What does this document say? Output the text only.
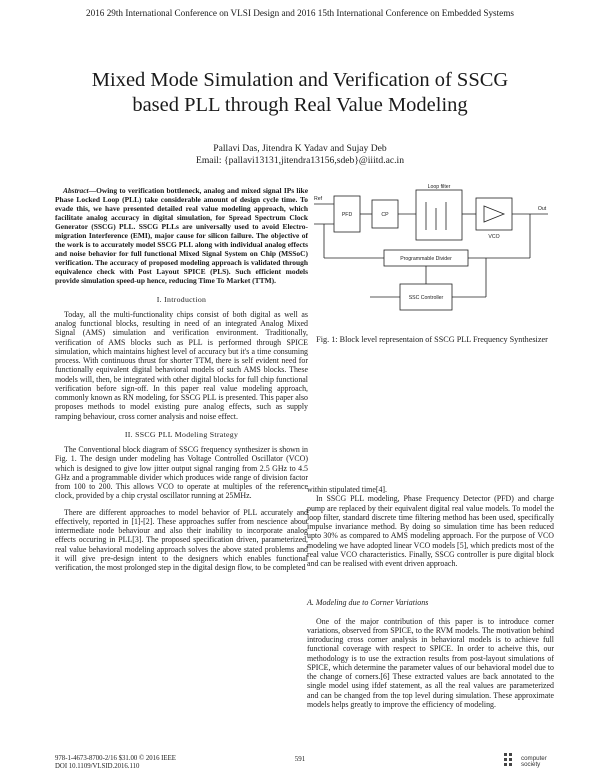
2016 29th International Conference on VLSI Design and 2016 15th International Conference on Embedded Systems
Mixed Mode Simulation and Verification of SSCG
based PLL through Real Value Modeling
Pallavi Das, Jitendra K Yadav and Sujay Deb
Email: {pallavi13131,jitendra13156,sdeb}@iiitd.ac.in

Abstract—Owing to verification bottleneck, analog and mixed signal IPs like Phase Locked Loop (PLL) take considerable amount of design cycle time. To evade this, we have presented detailed real value modeling approach, which facilitate analog accuracy in digital simulation, for Spread Spectrum Clock Generator (SSCG) PLL. SSCG PLLs are universally used to avoid Electro-migration Interference (EMI), major cause for silicon failure. The objective of the work is to accurately model SSCG PLL along with individual analog effects and noise behavior for full functional Mixed Signal System on Chip (MSSoC) verification. The accuracy of proposed modeling approach is validated through equivalence check with Post Layout SPICE (PLS). Such efficient models provide simulation speed-up hence, reducing Time To Market (TTM).

I. Introduction

Today, all the multi-functionality chips consist of both digital as well as analog functional blocks, resulting in need of an integrated Analog Mixed Signal (AMS) simulation and verification environment. Traditionally, verification of AMS blocks such as PLL is performed through SPICE simulation, which maintains highest level of accuracy but it's a time consuming process. With continuous thrust for shorter TTM, there is self evident need for functionally equivalent digital behavioral models of such AMS blocks. These models will, then, be integrated with other digital blocks for full chip functional verification before sign-off. In this paper real value modeling approach, commonly known as RN modeling, for SSCG PLL is presented. This paper also proposes methods to model existing pure analog effects, such as supply ramping behaviour, cross corner analysis and noise effect.

II. SSCG PLL Modeling Strategy

The Conventional block diagram of SSCG frequency synthesizer is shown in Fig. 1. The design under modeling has Voltage Controlled Oscillator (VCO) which is designed to give low jitter output signal ranging from 2.5 GHz to 4.5 GHz and a programmable divider which produces wide range of division factor from 100 to 200. This allows VCO to operate at multiples of the reference clock, provided by a chip crystal oscillator running at 25MHz.

There are different approaches to model behavior of PLL accurately and effectively, reported in [1]-[2]. These approaches suffer from nescience about intermediate node behaviour and also their inability to incorporate analog effects occuring in PLL[3]. The proposed specification driven, parameterized, real value behavioral modeling approach solves the above stated problems and it will give pre-design intent to the designers which enables functional verification, the most prolonged step in the digital design flow, to be completed

PFD	CP
Loop filter
VCO
Programmable Divider
SSC Controller
Out
Ref
Fig. 1: Block level representaion of SSCG PLL Frequency Synthesizer

within stipulated time[4].

In SSCG PLL modeling, Phase Frequency Detector (PFD) and charge pump are replaced by their equivalent digital real value models. To model the loop filter, standard discrete time filtering method has been used, specifically impulse invariance method. By doing so simulation time has been reduced upto 30% as compared to AMS modeling approach. For the purpose of VCO modeling we have adopted linear VCO models [5], which predicts most of the real value VCO characteristics. Finally, SSCG controller is pure digital block and can be realised with event driven approach.

A. Modeling due to Corner Variations

One of the major contribution of this paper is to introduce corner variations, observed from SPICE, to the RVM models. The motivation behind introducing cross corner analysis in behavioral models is to achieve full functional coverage with respect to SPICE. In order to acheive this, our methodology is to use the extraction results from post-layout simulations of SPICE, which determine the parameter values of our behavioral model due to the change of corners.[6] These extracted values are back annotated to the single model using ifdef statement, as all the real values are parameterized and can be changed from the top level during simulation. These approximate models helps greatly to improve the efficiency of modeling.

978-1-4673-8700-2/16 $31.00 © 2016 IEEE
DOI 10.1109/VLSID.2016.110
591	computer
society
